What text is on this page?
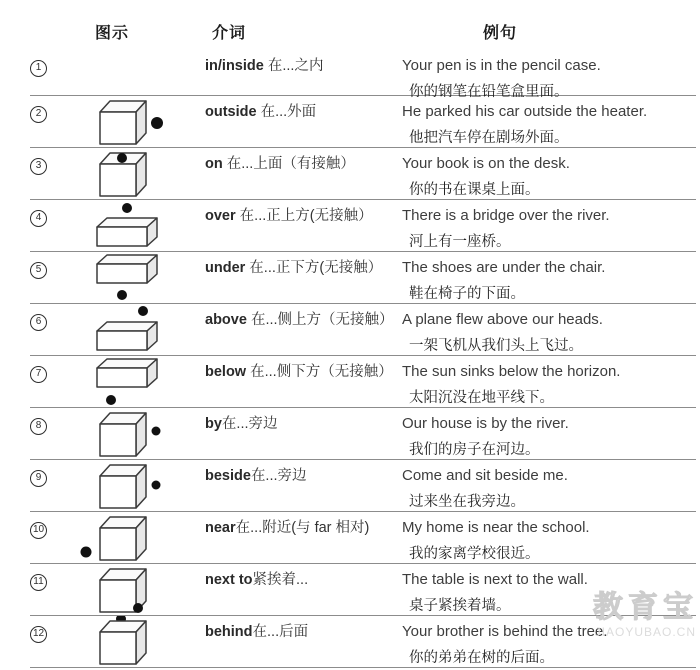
图示	介词	例句
1	in/inside 在...之内	Your pen is in the pencil case.
你的钢笔在铅笔盒里面。
2	outside 在...外面	He parked his car outside the heater.
他把汽车停在剧场外面。
3	on 在...上面（有接触）	Your book is on the desk.
你的书在课桌上面。
4	over 在...正上方(无接触）	There is a bridge over the river.
河上有一座桥。
5	under 在...正下方(无接触）	The shoes are under the chair.
鞋在椅子的下面。
6	above 在...侧上方（无接触） A plane flew above our heads.
一架飞机从我们头上飞过。
7	below 在...侧下方（无接触） The sun sinks below the horizon.
太阳沉没在地平线下。
8	by在...旁边	Our house is by the river.
我们的房子在河边。
9	beside在...旁边	Come and sit beside me.
过来坐在我旁边。
10	near在...附近(与 far 相对)	My home is near the school.
我的家离学校很近。
11	next to紧挨着...	The table is next to the wall.
桌子紧挨着墙。
12	behind在...后面	Your brother is behind the tree.
你的弟弟在树的后面。
教育宝
JIAOYUBAO.CN
